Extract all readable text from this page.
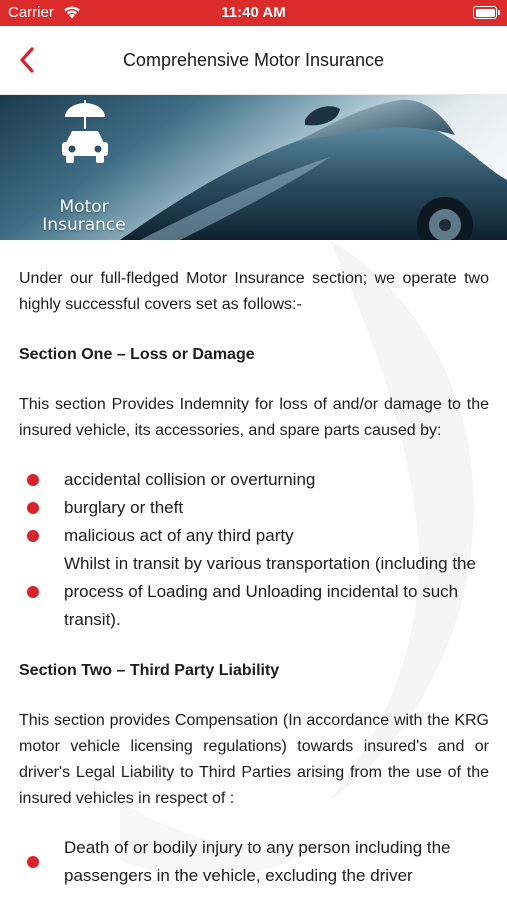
Carrier	11:40 AM
Comprehensive Motor Insurance
Motor
Insurance

Under our full-fledged Motor Insurance section; we operate two highly successful covers set as follows:-

Section One – Loss or Damage

This section Provides Indemnity for loss of and/or damage to the insured vehicle, its accessories, and spare parts caused by:

accidental collision or overturning
burglary or theft
malicious act of any third party
Whilst in transit by various transportation (including the process of Loading and Unloading incidental to such transit).
Section Two – Third Party Liability

This section provides Compensation (In accordance with the KRG motor vehicle licensing regulations) towards insured's and or driver's Legal Liability to Third Parties arising from the use of the insured vehicles in respect of :

Death of or bodily injury to any person including the passengers in the vehicle, excluding the driver
